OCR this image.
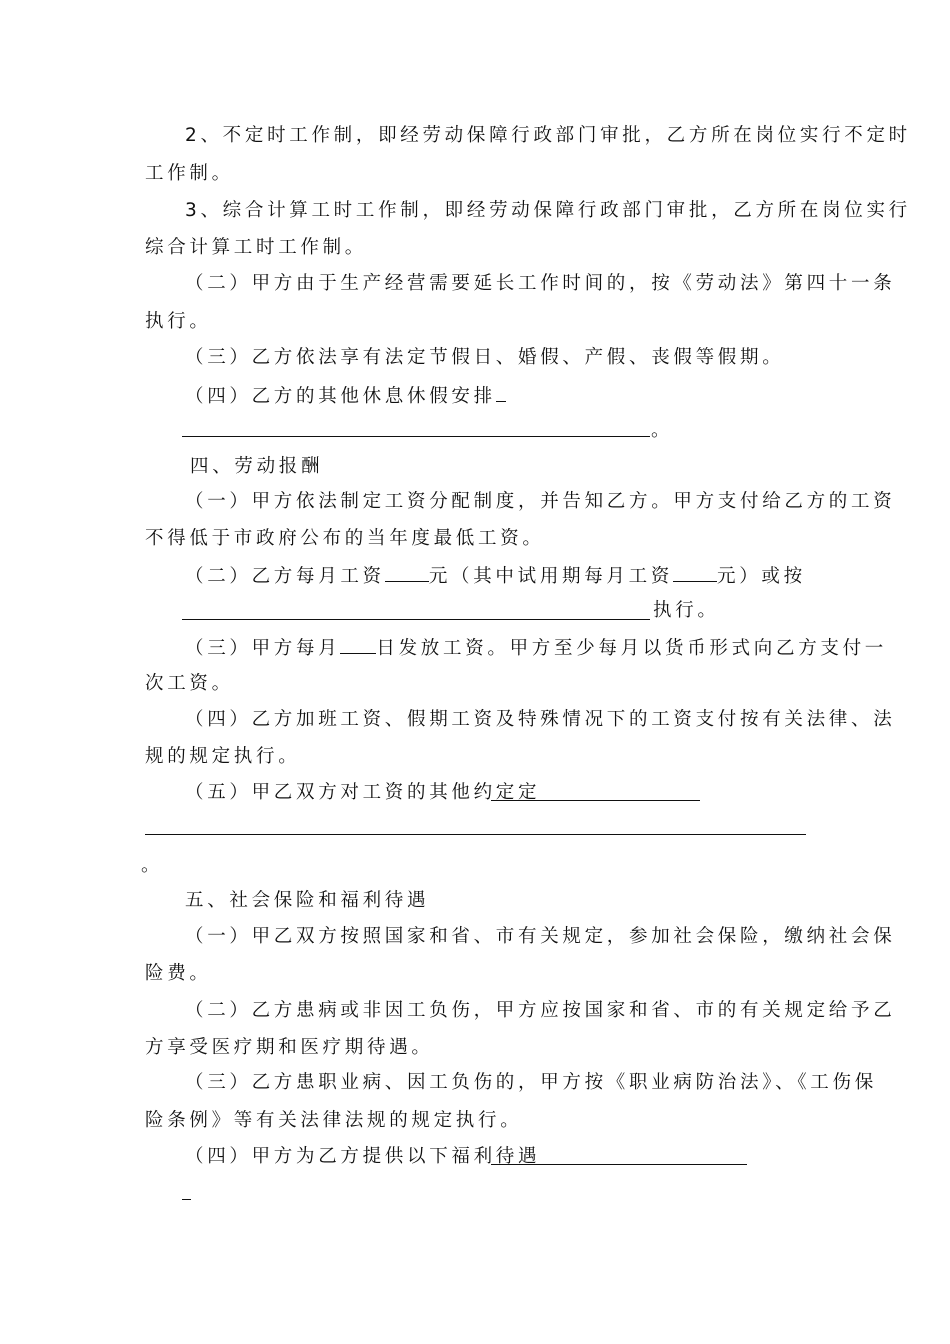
2、不定时工作制，即经劳动保障行政部门审批，乙方所在岗位实行不定时
工作制。
3、综合计算工时工作制，即经劳动保障行政部门审批，乙方所在岗位实行
综合计算工时工作制。
（二）甲方由于生产经营需要延长工作时间的，按《劳动法》第四十一条
执行。
（三）乙方依法享有法定节假日、婚假、产假、丧假等假期。
（四）乙方的其他休息休假安排
。
四、劳动报酬
（一）甲方依法制定工资分配制度，并告知乙方。甲方支付给乙方的工资
不得低于市政府公布的当年度最低工资。
（二）乙方每月工资 元（其中试用期每月工资 元）或按
执行。
（三）甲方每月 日发放工资。甲方至少每月以货币形式向乙方支付一
次工资。
（四）乙方加班工资、假期工资及特殊情况下的工资支付按有关法律、法
规的规定执行。
（五）甲乙双方对工资的其他约定定
。
五、社会保险和福利待遇
（一）甲乙双方按照国家和省、市有关规定，参加社会保险，缴纳社会保
险费。
（二）乙方患病或非因工负伤，甲方应按国家和省、市的有关规定给予乙
方享受医疗期和医疗期待遇。
（三）乙方患职业病、因工负伤的，甲方按《职业病防治法》、《工伤保
险条例》等有关法律法规的规定执行。
（四）甲方为乙方提供以下福利待遇
